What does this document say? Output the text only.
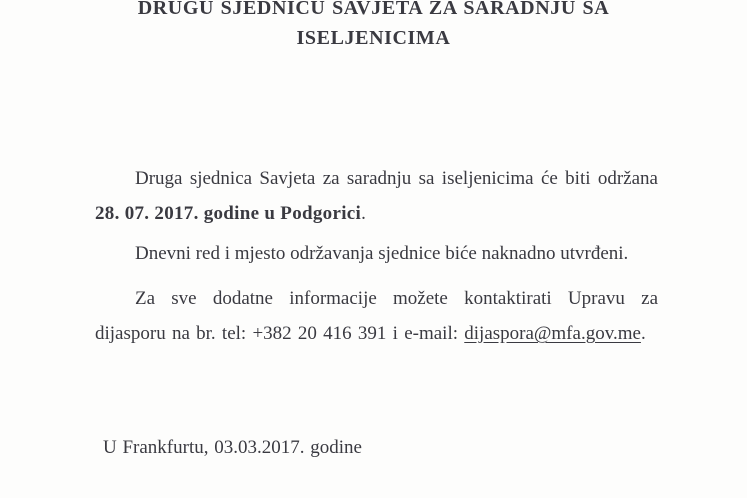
DRUGU SJEDNICU SAVJETA ZA SARADNJU SA
ISELJENICIMA
Druga sjednica Savjeta za saradnju sa iseljenicima će biti održana
28. 07. 2017. godine u Podgorici.
Dnevni red i mjesto održavanja sjednice biće naknadno utvrđeni.
Za sve dodatne informacije možete kontaktirati Upravu za
dijasporu na br. tel: +382 20 416 391 i e-mail: dijaspora@mfa.gov.me.
U Frankfurtu, 03.03.2017. godine
